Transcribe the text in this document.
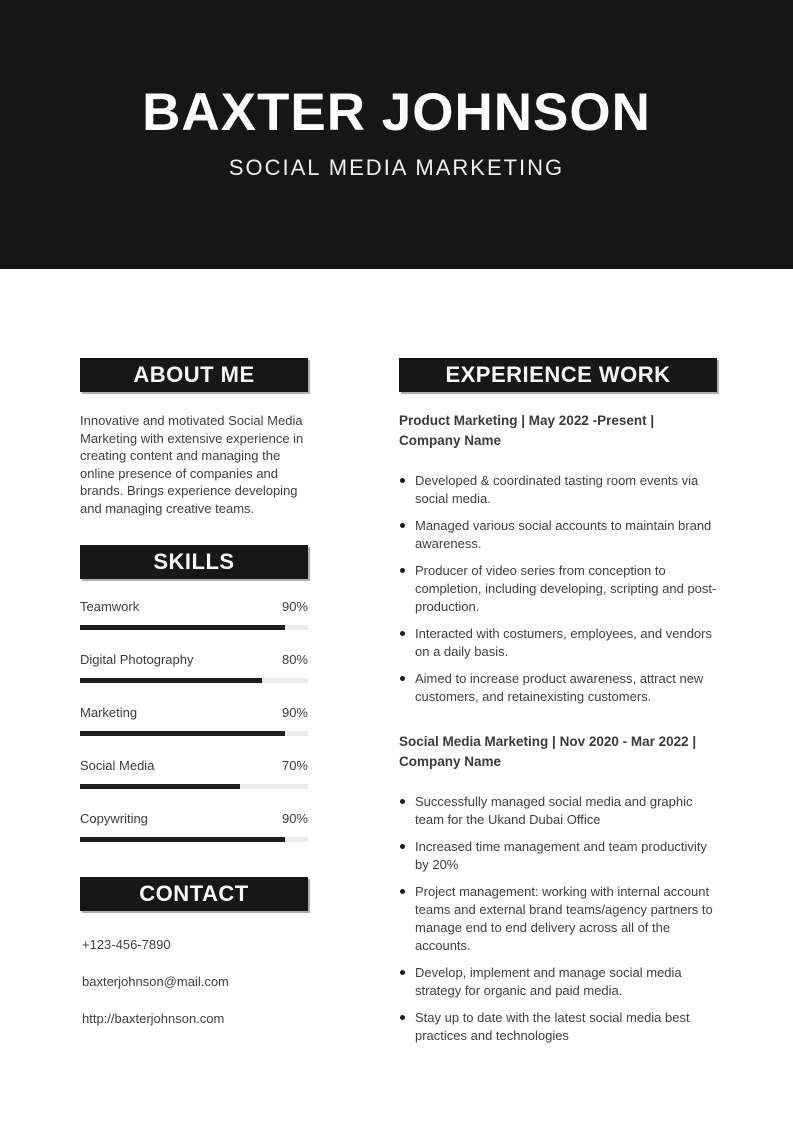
BAXTER JOHNSON
SOCIAL MEDIA MARKETING
ABOUT ME

Innovative and motivated Social Media Marketing with extensive experience in creating content and managing the online presence of companies and brands. Brings experience developing and managing creative teams.

SKILLS
Teamwork	90%
Digital Photography	80%
Marketing	90%
Social Media	70%
Copywriting	90%
CONTACT
+123-456-7890
baxterjohnson@mail.com
http://baxterjohnson.com
EXPERIENCE WORK
Product Marketing | May 2022 -Present |
Company Name
Developed & coordinated tasting room events via social media.
Managed various social accounts to maintain brand awareness.
Producer of video series from conception to completion, including developing, scripting and post-production.
Interacted with costumers, employees, and vendors on a daily basis.
Aimed to increase product awareness, attract new customers, and retainexisting customers.
Social Media Marketing | Nov 2020 - Mar 2022 |
Company Name
Successfully managed social media and graphic team for the Ukand Dubai Office
Increased time management and team productivity by 20%
Project management: working with internal account teams and external brand teams/agency partners to manage end to end delivery across all of the accounts.
Develop, implement and manage social media strategy for organic and paid media.
Stay up to date with the latest social media best practices and technologies
